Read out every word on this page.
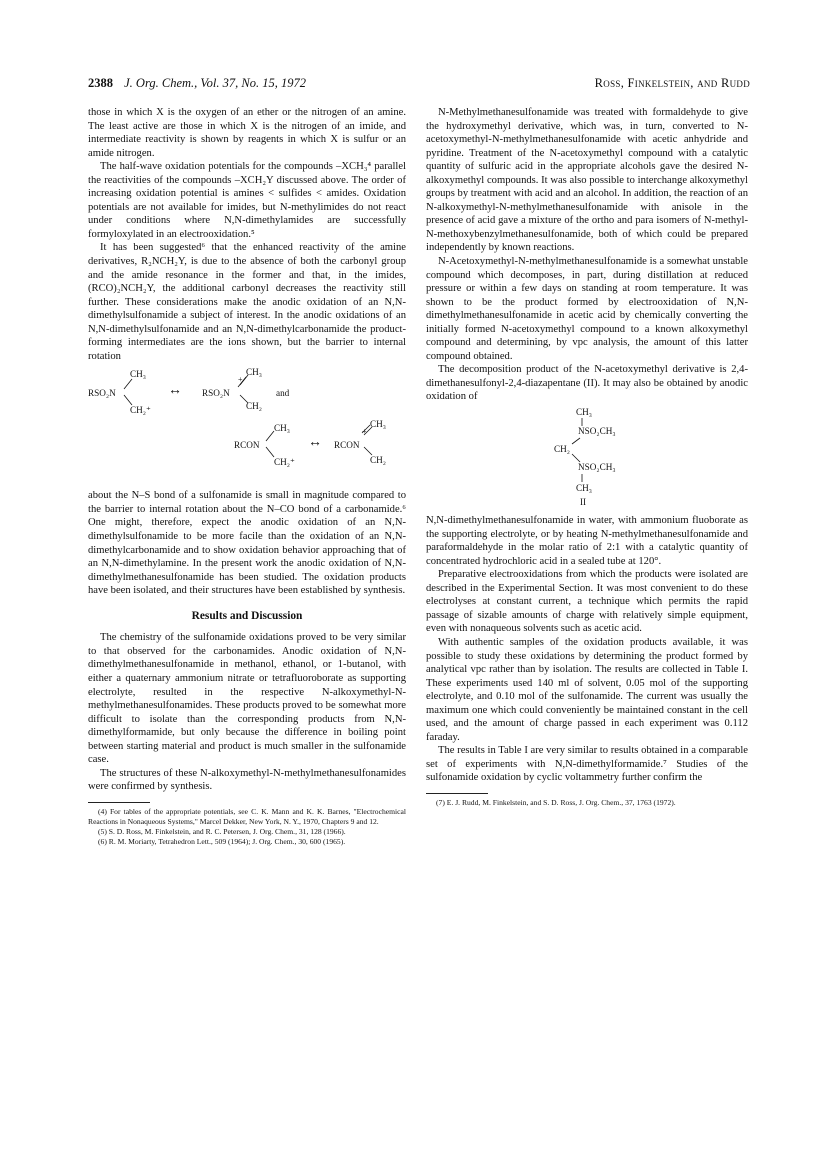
2388 J. Org. Chem., Vol. 37, No. 15, 1972	Ross, Finkelstein, and Rudd

those in which X is the oxygen of an ether or the nitrogen of an amine. The least active are those in which X is the nitrogen of an imide, and intermediate reactivity is shown by reagents in which X is sulfur or an amide nitrogen.

The half-wave oxidation potentials for the compounds –XCH₃⁴ parallel the reactivities of the compounds –XCH₂Y discussed above. The order of increasing oxidation potential is amines < sulfides < amides. Oxidation potentials are not available for imides, but N-methylimides do not react under conditions where N,N-dimethylamides are successfully formyloxylated in an electrooxidation.⁵

It has been suggested⁶ that the enhanced reactivity of the amine derivatives, R₂NCH₂Y, is due to the absence of both the carbonyl group and the amide resonance in the former and that, in the imides, (RCO)₂NCH₂Y, the additional carbonyl decreases the reactivity still further. These considerations make the anodic oxidation of an N,N-dimethylsulfonamide a subject of interest. In the anodic oxidations of an N,N-dimethylsulfonamide and an N,N-dimethylcarbonamide the product-forming intermediates are the ions shown, but the barrier to internal rotation

CH₃
RSO₂N
CH₂⁺
↔
CH₃
+
RSO₂N
CH₂
and
CH₃
RCON
CH₂⁺
↔
CH₃
+
RCON
CH₂

about the N–S bond of a sulfonamide is small in magnitude compared to the barrier to internal rotation about the N–CO bond of a carbonamide.⁶ One might, therefore, expect the anodic oxidation of an N,N-dimethylsulfonamide to be more facile than the oxidation of an N,N-dimethylcarbonamide and to show oxidation behavior approaching that of an N,N-dimethylamine. In the present work the anodic oxidation of N,N-dimethylmethanesulfonamide has been studied. The oxidation products have been isolated, and their structures have been established by synthesis.

Results and Discussion

The chemistry of the sulfonamide oxidations proved to be very similar to that observed for the carbonamides. Anodic oxidation of N,N-dimethylmethanesulfonamide in methanol, ethanol, or 1-butanol, with either a quaternary ammonium nitrate or tetrafluoroborate as supporting electrolyte, resulted in the respective N-alkoxymethyl-N-methylmethanesulfonamides. These products proved to be somewhat more difficult to isolate than the corresponding products from N,N-dimethylformamide, but only because the difference in boiling point between starting material and product is much smaller in the sulfonamide case.

The structures of these N-alkoxymethyl-N-methylmethanesulfonamides were confirmed by synthesis.

(4) For tables of the appropriate potentials, see C. K. Mann and K. K. Barnes, "Electrochemical Reactions in Nonaqueous Systems," Marcel Dekker, New York, N. Y., 1970, Chapters 9 and 12.
(5) S. D. Ross, M. Finkelstein, and R. C. Petersen, J. Org. Chem., 31, 128 (1966).
(6) R. M. Moriarty, Tetrahedron Lett., 509 (1964); J. Org. Chem., 30, 600 (1965).

N-Methylmethanesulfonamide was treated with formaldehyde to give the hydroxymethyl derivative, which was, in turn, converted to N-acetoxymethyl-N-methylmethanesulfonamide with acetic anhydride and pyridine. Treatment of the N-acetoxymethyl compound with a catalytic quantity of sulfuric acid in the appropriate alcohols gave the desired N-alkoxymethyl compounds. It was also possible to interchange alkoxymethyl groups by treatment with acid and an alcohol. In addition, the reaction of an N-alkoxymethyl-N-methylmethanesulfonamide with anisole in the presence of acid gave a mixture of the ortho and para isomers of N-methyl-N-methoxybenzylmethanesulfonamide, both of which could be prepared independently by known reactions.

N-Acetoxymethyl-N-methylmethanesulfonamide is a somewhat unstable compound which decomposes, in part, during distillation at reduced pressure or within a few days on standing at room temperature. It was shown to be the product formed by electrooxidation of N,N-dimethylmethanesulfonamide in acetic acid by chemically converting the initially formed N-acetoxymethyl compound to a known alkoxymethyl compound and determining, by vpc analysis, the amount of this latter compound obtained.

The decomposition product of the N-acetoxymethyl derivative is 2,4-dimethanesulfonyl-2,4-diazapentane (II). It may also be obtained by anodic oxidation of

CH₃
NSO₂CH₃
CH₂
NSO₂CH₃
CH₃
II

N,N-dimethylmethanesulfonamide in water, with ammonium fluoborate as the supporting electrolyte, or by heating N-methylmethanesulfonamide and paraformaldehyde in the molar ratio of 2:1 with a catalytic quantity of concentrated hydrochloric acid in a sealed tube at 120°.

Preparative electrooxidations from which the products were isolated are described in the Experimental Section. It was most convenient to do these electrolyses at constant current, a technique which permits the rapid passage of sizable amounts of charge with relatively simple equipment, even with nonaqueous solvents such as acetic acid.

With authentic samples of the oxidation products available, it was possible to study these oxidations by determining the product formed by analytical vpc rather than by isolation. The results are collected in Table I. These experiments used 140 ml of solvent, 0.05 mol of the supporting electrolyte, and 0.10 mol of the sulfonamide. The current was usually the maximum one which could conveniently be maintained constant in the cell used, and the amount of charge passed in each experiment was 0.112 faraday.

The results in Table I are very similar to results obtained in a comparable set of experiments with N,N-dimethylformamide.⁷ Studies of the sulfonamide oxidation by cyclic voltammetry further confirm the

(7) E. J. Rudd, M. Finkelstein, and S. D. Ross, J. Org. Chem., 37, 1763 (1972).
